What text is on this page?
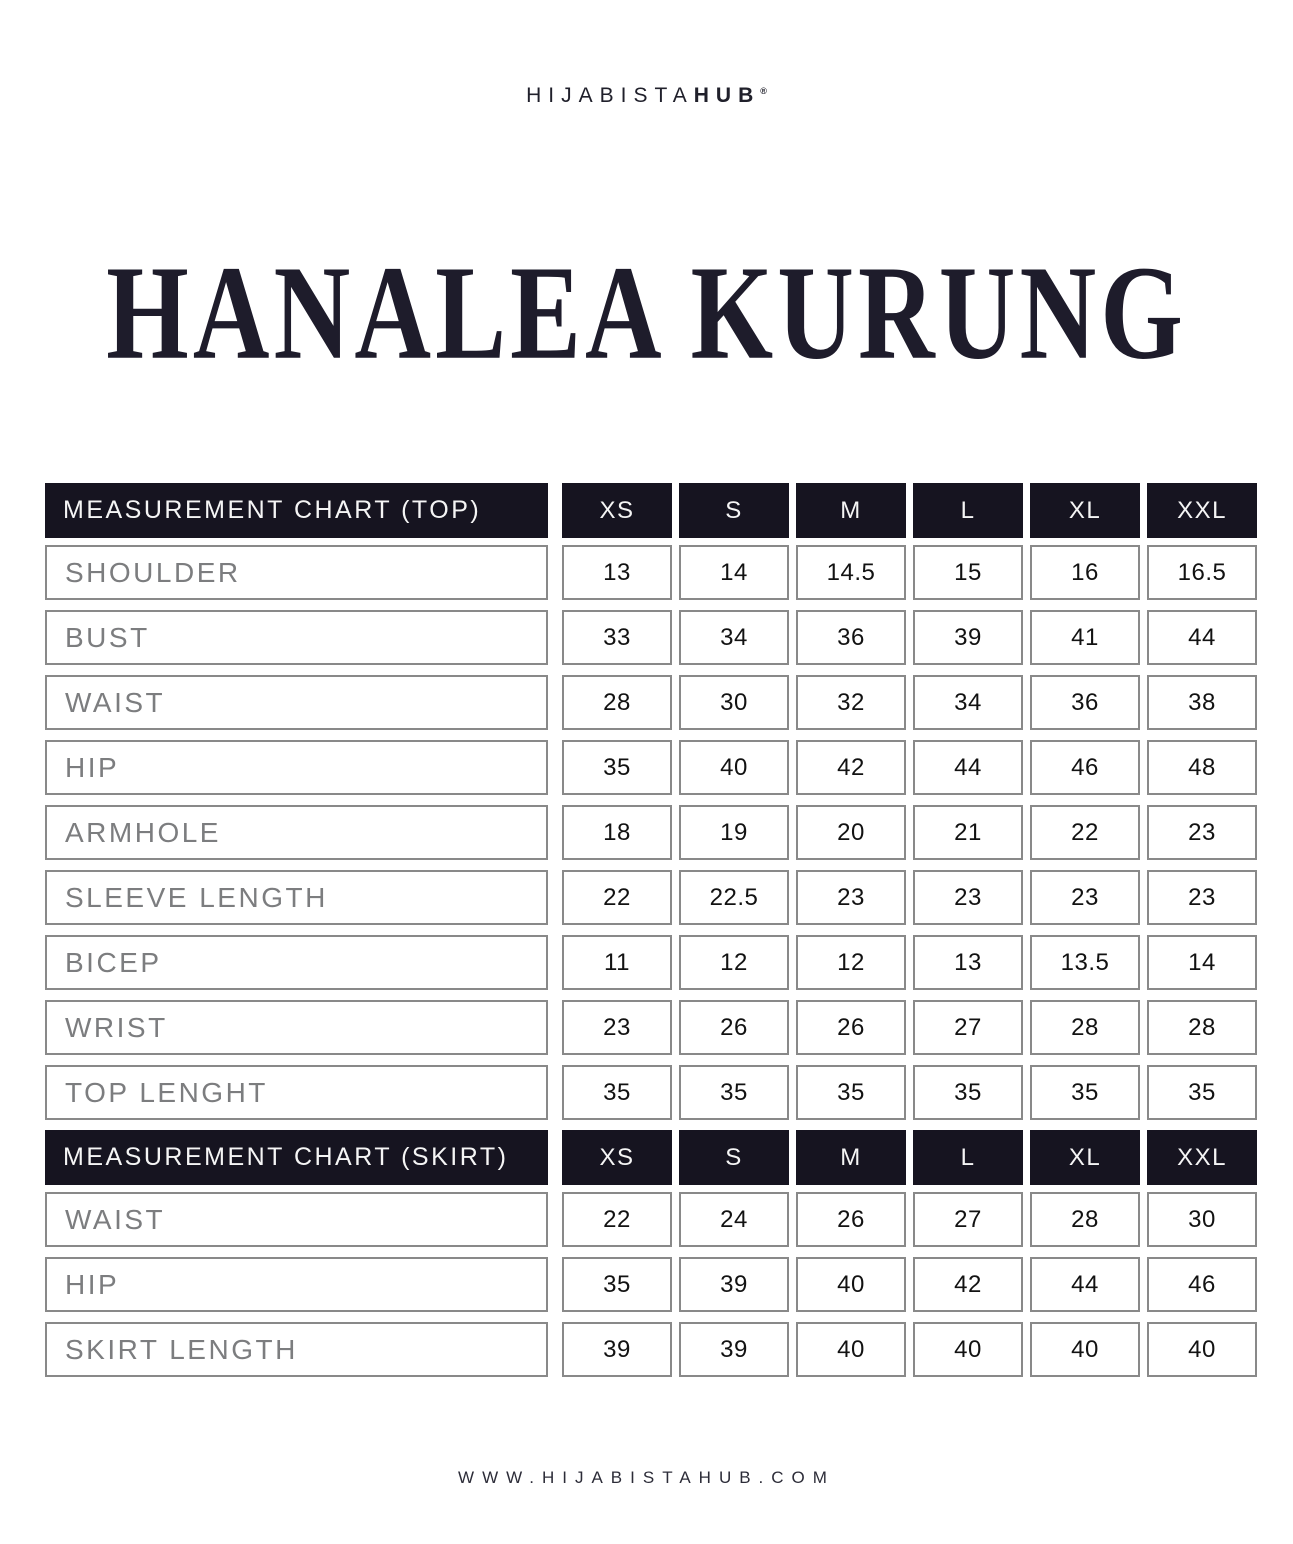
HIJABISTAHUB®
HANALEA KURUNG
MEASUREMENT CHART (TOP)	XS	S	M	L	XL	XXL
SHOULDER	13	14	14.5	15	16	16.5
BUST	33	34	36	39	41	44
WAIST	28	30	32	34	36	38
HIP	35	40	42	44	46	48
ARMHOLE	18	19	20	21	22	23
SLEEVE LENGTH	22	22.5	23	23	23	23
BICEP	11	12	12	13	13.5	14
WRIST	23	26	26	27	28	28
TOP LENGHT	35	35	35	35	35	35
MEASUREMENT CHART (SKIRT)	XS	S	M	L	XL	XXL
WAIST	22	24	26	27	28	30
HIP	35	39	40	42	44	46
SKIRT LENGTH	39	39	40	40	40	40
WWW.HIJABISTAHUB.COM
